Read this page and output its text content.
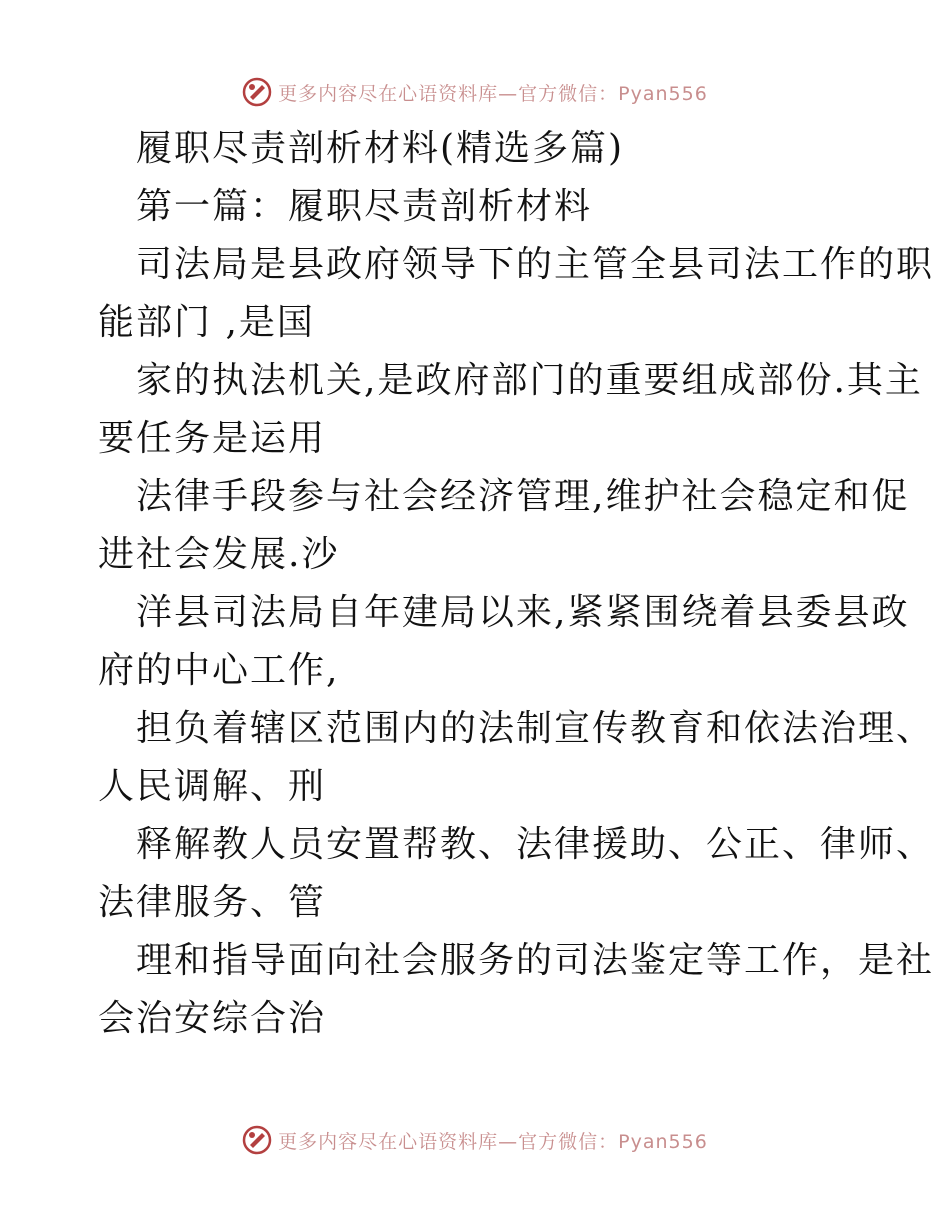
更多内容尽在心语资料库—官方微信：Pyan556
履职尽责剖析材料(精选多篇)
第一篇：履职尽责剖析材料
司法局是县政府领导下的主管全县司法工作的职
能部门 ,是国
家的执法机关,是政府部门的重要组成部份.其主
要任务是运用
法律手段参与社会经济管理,维护社会稳定和促
进社会发展.沙
洋县司法局自年建局以来,紧紧围绕着县委县政
府的中心工作,
担负着辖区范围内的法制宣传教育和依法治理、
人民调解、刑
释解教人员安置帮教、法律援助、公正、律师、
法律服务、管
理和指导面向社会服务的司法鉴定等工作，是社
会治安综合治
更多内容尽在心语资料库—官方微信：Pyan556
